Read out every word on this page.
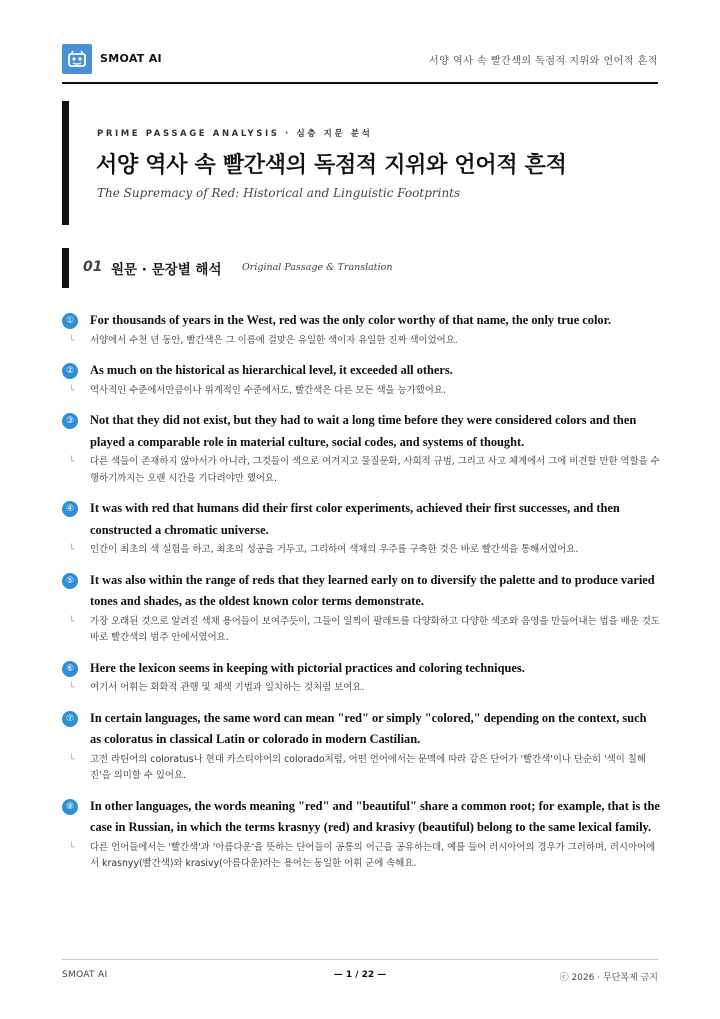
SMOAT AI	서양 역사 속 빨간색의 독점적 지위와 언어적 흔적
PRIME PASSAGE ANALYSIS · 심층 지문 분석
서양 역사 속 빨간색의 독점적 지위와 언어적 흔적
The Supremacy of Red: Historical and Linguistic Footprints
01 원문 · 문장별 해석 Original Passage & Translation
①	For thousands of years in the West, red was the only color worthy of that name, the only true color.
└ 서양에서 수천 년 동안, 빨간색은 그 이름에 걸맞은 유일한 색이자 유일한 진짜 색이었어요.
②	As much on the historical as hierarchical level, it exceeded all others.
└ 역사적인 수준에서만큼이나 위계적인 수준에서도, 빨간색은 다른 모든 색을 능가했어요.
③	Not that they did not exist, but they had to wait a long time before they were considered colors and then played a comparable role in material culture, social codes, and systems of thought.
└ 다른 색들이 존재하지 않아서가 아니라, 그것들이 색으로 여겨지고 물질문화, 사회적 규범, 그리고 사고 체계에서 그에 비견할 만한 역할을 수행하기까지는 오랜 시간을 기다려야만 했어요.
④	It was with red that humans did their first color experiments, achieved their first successes, and then constructed a chromatic universe.
└ 인간이 최초의 색 실험을 하고, 최초의 성공을 거두고, 그리하여 색채의 우주를 구축한 것은 바로 빨간색을 통해서였어요.
⑤	It was also within the range of reds that they learned early on to diversify the palette and to produce varied tones and shades, as the oldest known color terms demonstrate.
└ 가장 오래된 것으로 알려진 색채 용어들이 보여주듯이, 그들이 일찍이 팔레트를 다양화하고 다양한 색조와 음영을 만들어내는 법을 배운 것도 바로 빨간색의 범주 안에서였어요.
⑥	Here the lexicon seems in keeping with pictorial practices and coloring techniques.
└ 여기서 어휘는 회화적 관행 및 채색 기법과 일치하는 것처럼 보여요.
⑦	In certain languages, the same word can mean "red" or simply "colored," depending on the context, such as coloratus in classical Latin or colorado in modern Castilian.
└ 고전 라틴어의 coloratus나 현대 카스티야어의 colorado처럼, 어떤 언어에서는 문맥에 따라 같은 단어가 '빨간색'이나 단순히 '색이 칠해진'을 의미할 수 있어요.
⑧	In other languages, the words meaning "red" and "beautiful" share a common root; for example, that is the case in Russian, in which the terms krasnyy (red) and krasivy (beautiful) belong to the same lexical family.
└ 다른 언어들에서는 '빨간색'과 '아름다운'을 뜻하는 단어들이 공통의 어근을 공유하는데, 예를 들어 러시아어의 경우가 그러하며, 러시아어에서 krasnyy(빨간색)와 krasivy(아름다운)라는 용어는 동일한 어휘 군에 속해요.
SMOAT AI	— 1 / 22 —	ⓒ 2026 · 무단복제 금지
